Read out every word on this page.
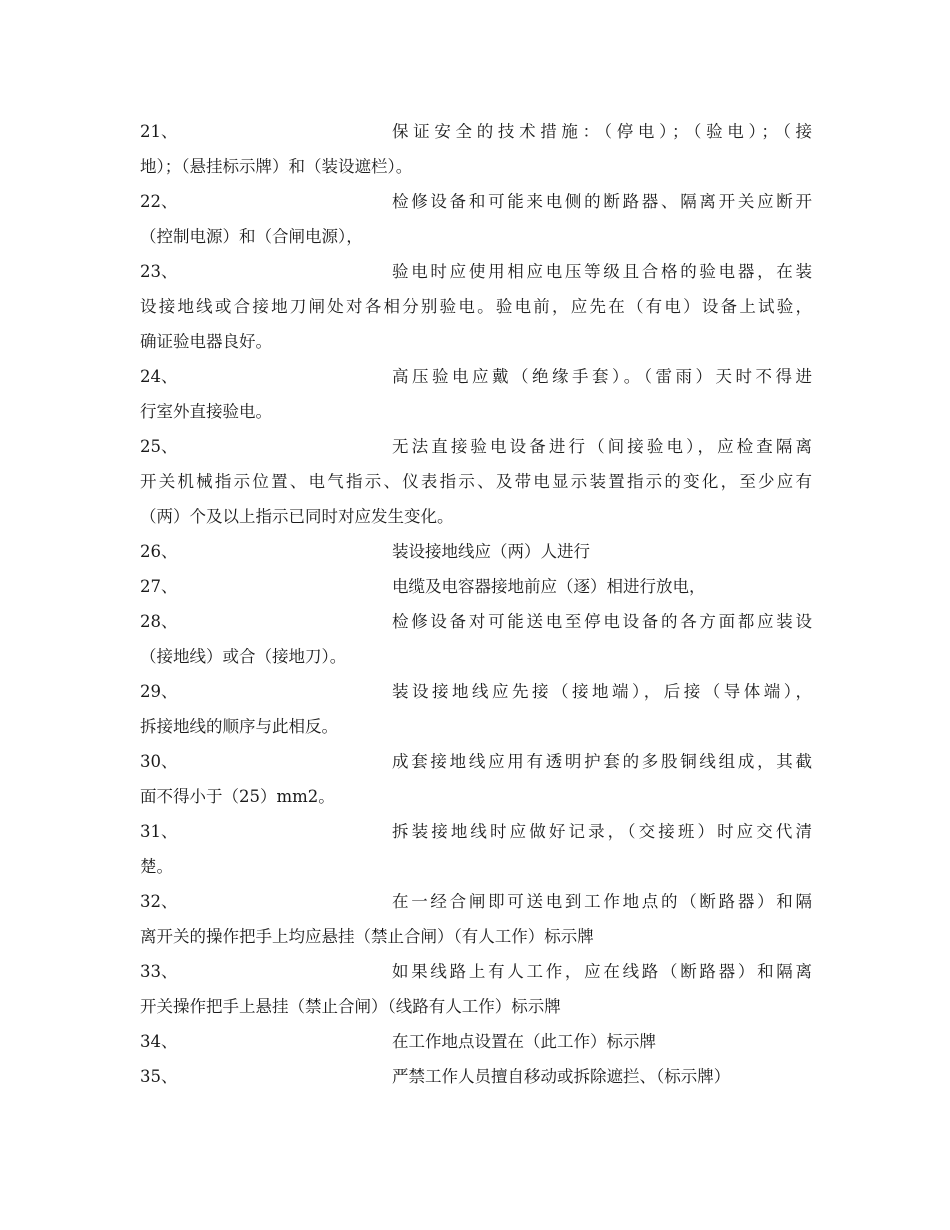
21、	保证安全的技术措施：（停电）；（验电）；（接
地）；（悬挂标示牌）和（装设遮栏）。
22、	检修设备和可能来电侧的断路器、隔离开关应断开
（控制电源）和（合闸电源），
23、	验电时应使用相应电压等级且合格的验电器，在装
设接地线或合接地刀闸处对各相分别验电。验电前，应先在（有电）设备上试验，
确证验电器良好。
24、	高压验电应戴（绝缘手套）。（雷雨）天时不得进
行室外直接验电。
25、	无法直接验电设备进行（间接验电），应检查隔离
开关机械指示位置、电气指示、仪表指示、及带电显示装置指示的变化，至少应有
（两）个及以上指示已同时对应发生变化。
26、	装设接地线应（两）人进行
27、	电缆及电容器接地前应（逐）相进行放电，
28、	检修设备对可能送电至停电设备的各方面都应装设
（接地线）或合（接地刀）。
29、	装设接地线应先接（接地端），后接（导体端），
拆接地线的顺序与此相反。
30、	成套接地线应用有透明护套的多股铜线组成，其截
面不得小于（25）mm2。
31、	拆装接地线时应做好记录，（交接班）时应交代清
楚。
32、	在一经合闸即可送电到工作地点的（断路器）和隔
离开关的操作把手上均应悬挂（禁止合闸）（有人工作）标示牌
33、	如果线路上有人工作，应在线路（断路器）和隔离
开关操作把手上悬挂（禁止合闸）（线路有人工作）标示牌
34、	在工作地点设置在（此工作）标示牌
35、	严禁工作人员擅自移动或拆除遮拦、（标示牌）
